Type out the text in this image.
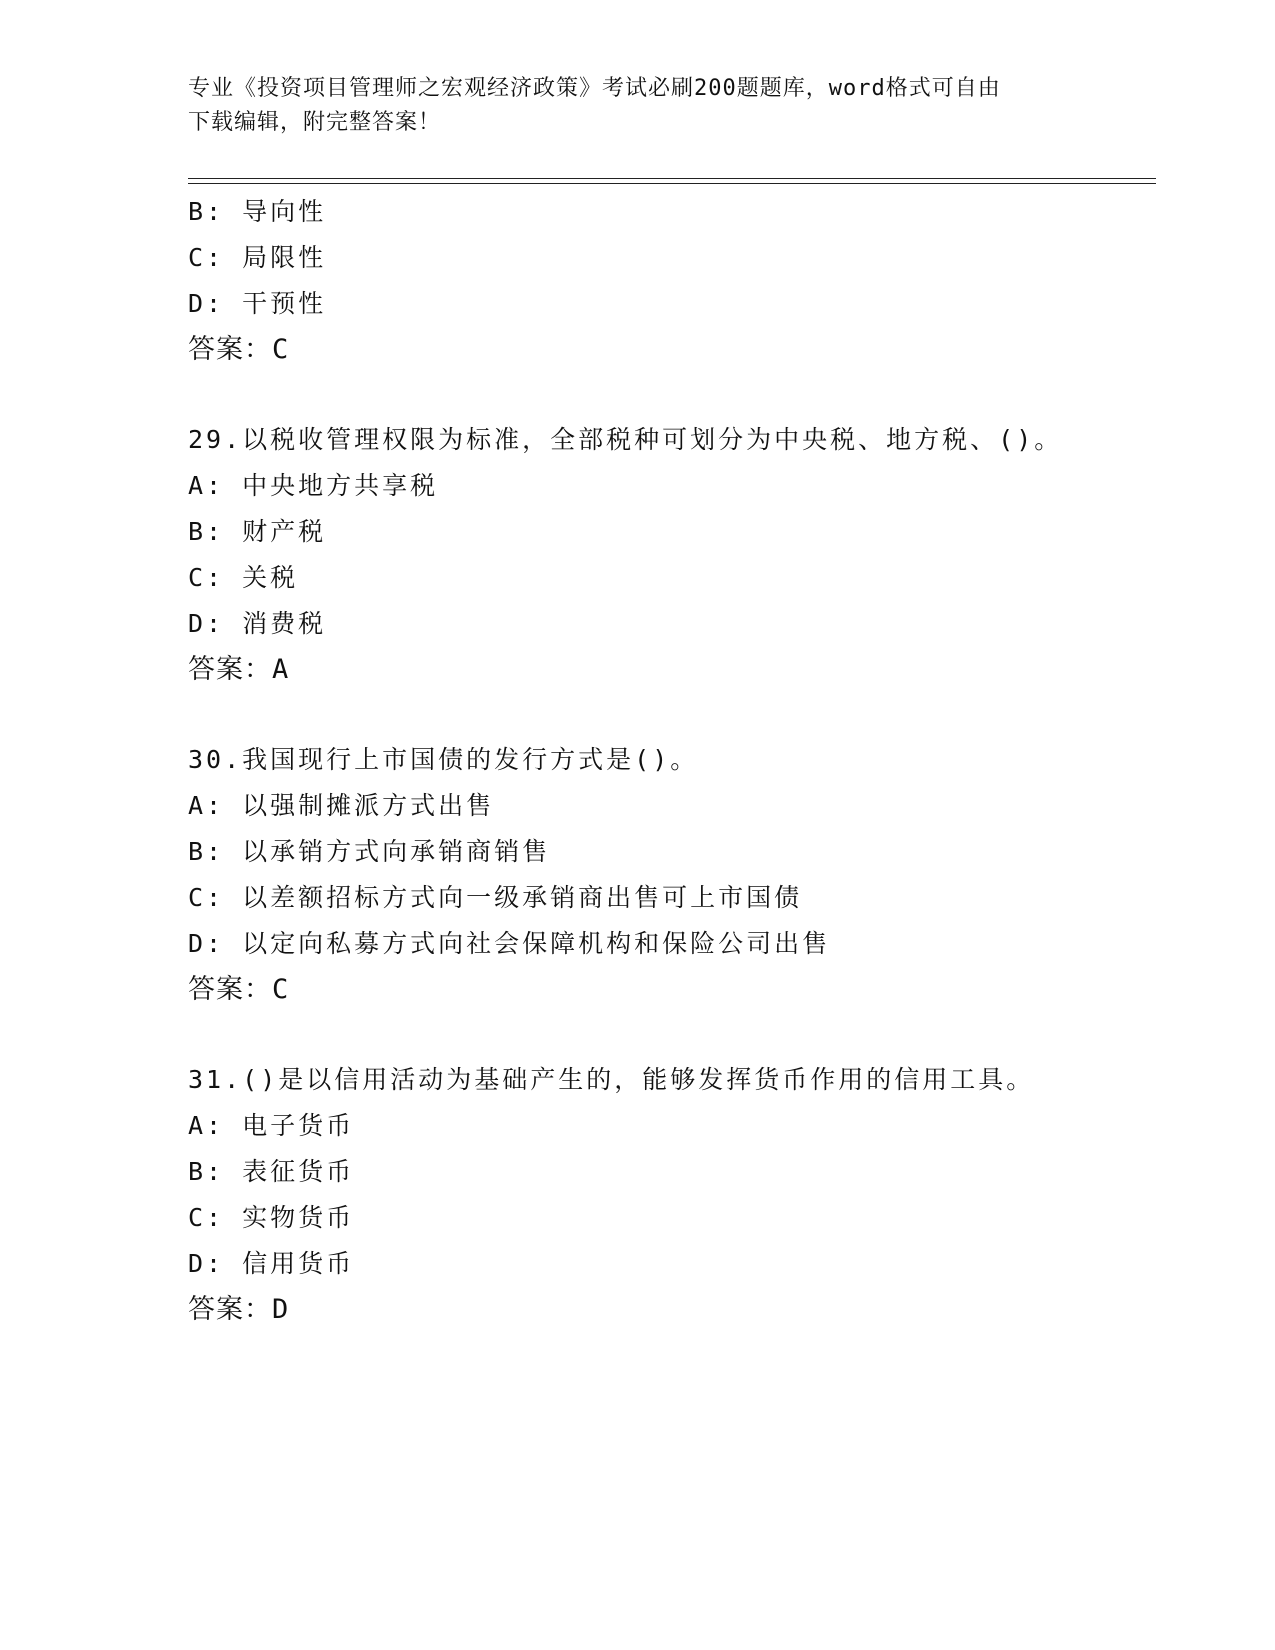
专业《投资项目管理师之宏观经济政策》考试必刷200题题库，word格式可自由
下载编辑，附完整答案！
B: 导向性
C: 局限性
D: 干预性
答案：C
29.以税收管理权限为标准，全部税种可划分为中央税、地方税、()。
A: 中央地方共享税
B: 财产税
C: 关税
D: 消费税
答案：A
30.我国现行上市国债的发行方式是()。
A: 以强制摊派方式出售
B: 以承销方式向承销商销售
C: 以差额招标方式向一级承销商出售可上市国债
D: 以定向私募方式向社会保障机构和保险公司出售
答案：C
31.()是以信用活动为基础产生的，能够发挥货币作用的信用工具。
A: 电子货币
B: 表征货币
C: 实物货币
D: 信用货币
答案：D
